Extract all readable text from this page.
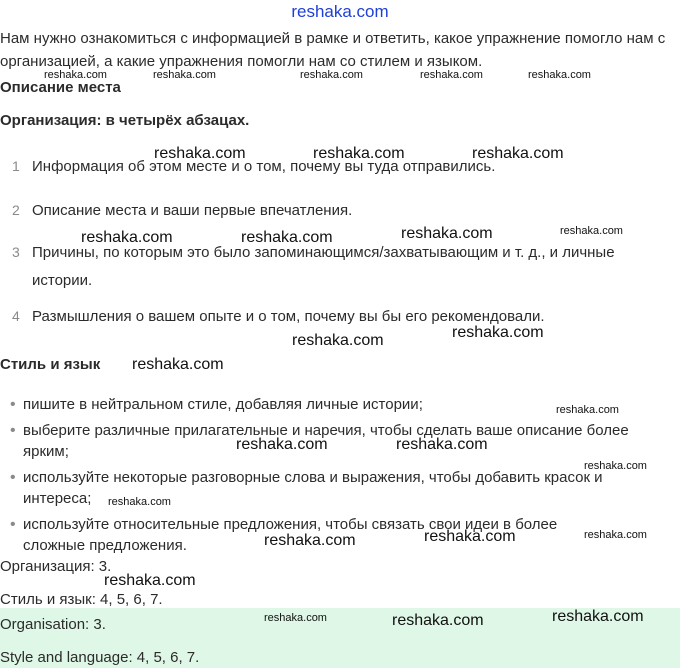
reshaka.com
Нам нужно ознакомиться с информацией в рамке и ответить, какое упражнение помогло нам с организацией, а какие упражнения помогли нам со стилем и языком.
Описание места
Организация: в четырёх абзацах.
1 Информация об этом месте и о том, почему вы туда отправились.
2 Описание места и ваши первые впечатления.
3 Причины, по которым это было запоминающимся/захватывающим и т. д., и личные
истории.
4 Размышления о вашем опыте и о том, почему вы бы его рекомендовали.
Стиль и язык
• пишите в нейтральном стиле, добавляя личные истории;
• выберите различные прилагательные и наречия, чтобы сделать ваше описание более ярким;
• используйте некоторые разговорные слова и выражения, чтобы добавить красок и интереса;
• используйте относительные предложения, чтобы связать свои идеи в более сложные предложения.
Организация: 3.
Стиль и язык: 4, 5, 6, 7.
Organisation: 3.
Style and language: 4, 5, 6, 7.
reshaka.com	reshaka.com	reshaka.com	reshaka.com	reshaka.com
reshaka.com	reshaka.com	reshaka.com
reshaka.com	reshaka.com
reshaka.com	reshaka.com
reshaka.com
reshaka.com
reshaka.com
reshaka.com
reshaka.com	reshaka.com
reshaka.com
reshaka.com
reshaka.com	reshaka.com
reshaka.com
reshaka.com
reshaka.com	reshaka.com	reshaka.com
